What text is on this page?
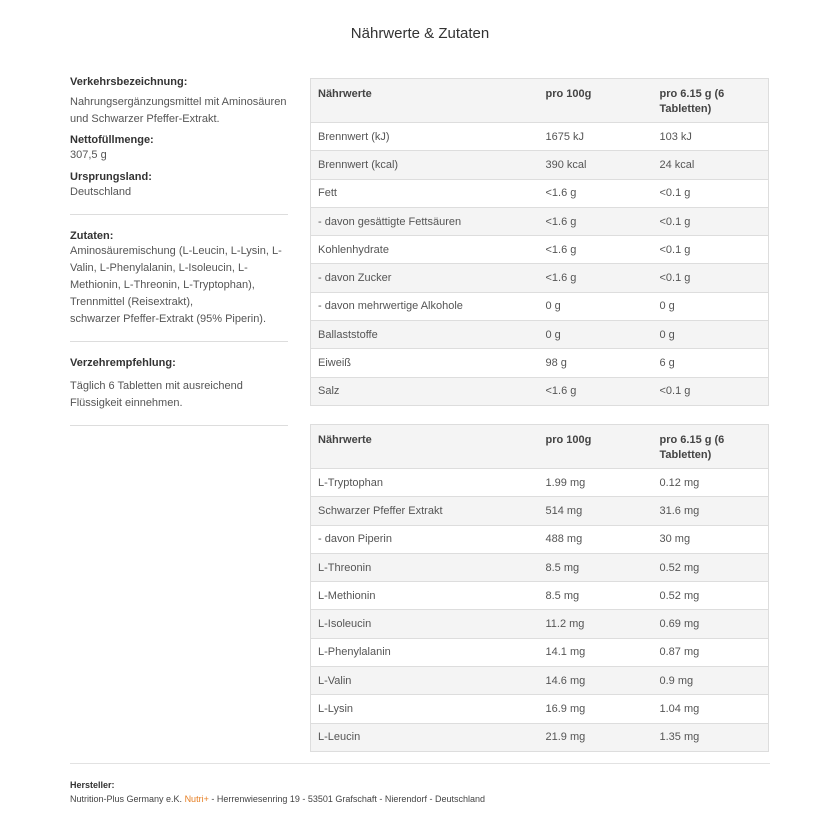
Nährwerte & Zutaten
Verkehrsbezeichnung:
Nahrungsergänzungsmittel mit Aminosäuren und Schwarzer Pfeffer-Extrakt.
Nettofüllmenge:
307,5 g
Ursprungsland:
Deutschland
Zutaten:
Aminosäuremischung (L-Leucin, L-Lysin, L-Valin, L-Phenylalanin, L-Isoleucin, L-Methionin, L-Threonin, L-Tryptophan),
Trennmittel (Reisextrakt),
schwarzer Pfeffer-Extrakt (95% Piperin).
Verzehrempfehlung:
Täglich 6 Tabletten mit ausreichend Flüssigkeit einnehmen.
Nährwerte	pro 100g	pro 6.15 g (6 Tabletten)
Brennwert (kJ)	1675 kJ	103 kJ
Brennwert (kcal)	390 kcal	24 kcal
Fett	<1.6 g	<0.1 g
- davon gesättigte Fettsäuren	<1.6 g	<0.1 g
Kohlenhydrate	<1.6 g	<0.1 g
- davon Zucker	<1.6 g	<0.1 g
- davon mehrwertige Alkohole	0 g	0 g
Ballaststoffe	0 g	0 g
Eiweiß	98 g	6 g
Salz	<1.6 g	<0.1 g
Nährwerte	pro 100g	pro 6.15 g (6 Tabletten)
L-Tryptophan	1.99 mg	0.12 mg
Schwarzer Pfeffer Extrakt	514 mg	31.6 mg
- davon Piperin	488 mg	30 mg
L-Threonin	8.5 mg	0.52 mg
L-Methionin	8.5 mg	0.52 mg
L-Isoleucin	11.2 mg	0.69 mg
L-Phenylalanin	14.1 mg	0.87 mg
L-Valin	14.6 mg	0.9 mg
L-Lysin	16.9 mg	1.04 mg
L-Leucin	21.9 mg	1.35 mg
Hersteller:
Nutrition-Plus Germany e.K. Nutri+ - Herrenwiesenring 19 - 53501 Grafschaft - Nierendorf - Deutschland
